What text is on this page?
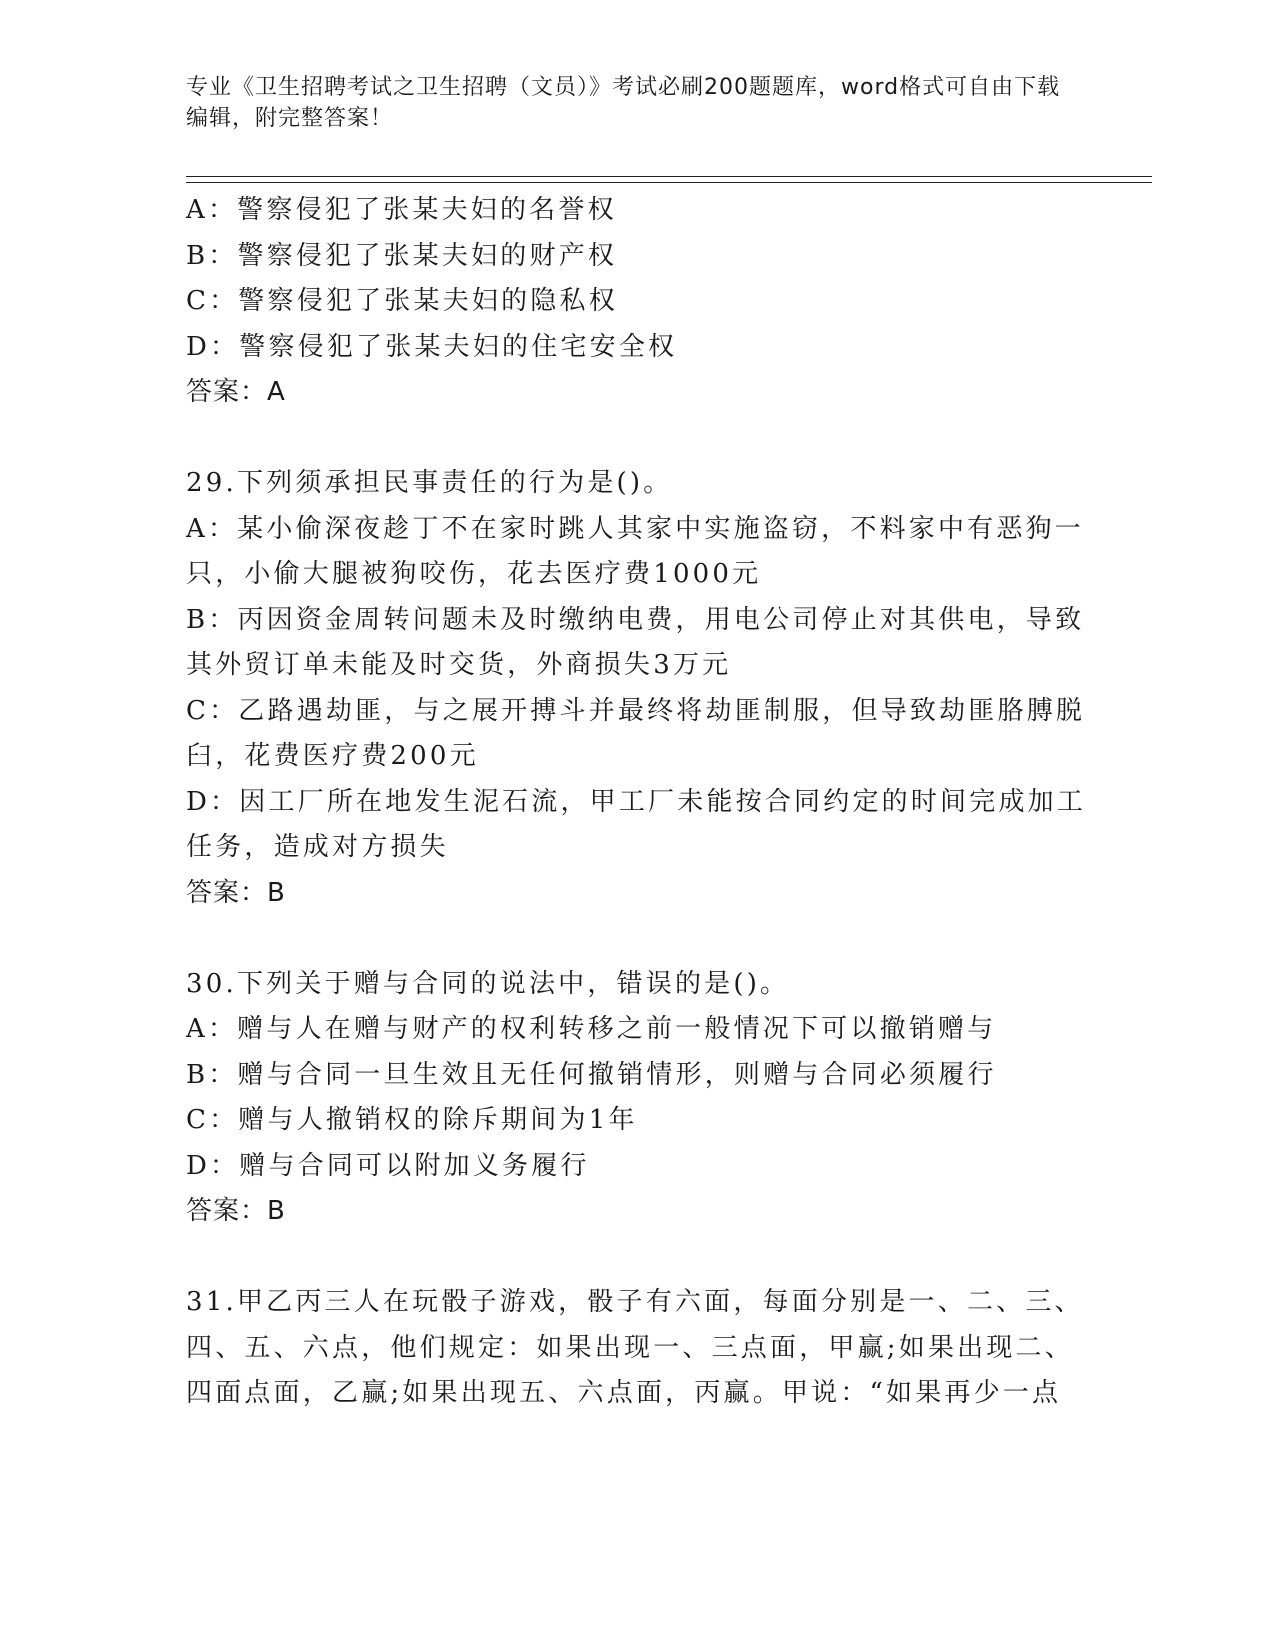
专业《卫生招聘考试之卫生招聘（文员）》考试必刷200题题库，word格式可自由下载编辑，附完整答案！
A：警察侵犯了张某夫妇的名誉权
B：警察侵犯了张某夫妇的财产权
C：警察侵犯了张某夫妇的隐私权
D：警察侵犯了张某夫妇的住宅安全权
答案：A
29.下列须承担民事责任的行为是()。
A：某小偷深夜趁丁不在家时跳人其家中实施盗窃，不料家中有恶狗一
只，小偷大腿被狗咬伤，花去医疗费1000元
B：丙因资金周转问题未及时缴纳电费，用电公司停止对其供电，导致
其外贸订单未能及时交货，外商损失3万元
C：乙路遇劫匪，与之展开搏斗并最终将劫匪制服，但导致劫匪胳膊脱
臼，花费医疗费200元
D：因工厂所在地发生泥石流，甲工厂未能按合同约定的时间完成加工
任务，造成对方损失
答案：B
30.下列关于赠与合同的说法中，错误的是()。
A：赠与人在赠与财产的权利转移之前一般情况下可以撤销赠与
B：赠与合同一旦生效且无任何撤销情形，则赠与合同必须履行
C：赠与人撤销权的除斥期间为1年
D：赠与合同可以附加义务履行
答案：B
31.甲乙丙三人在玩骰子游戏，骰子有六面，每面分别是一、二、三、
四、五、六点，他们规定：如果出现一、三点面，甲赢;如果出现二、
四面点面，乙赢;如果出现五、六点面，丙赢。甲说：“如果再少一点
